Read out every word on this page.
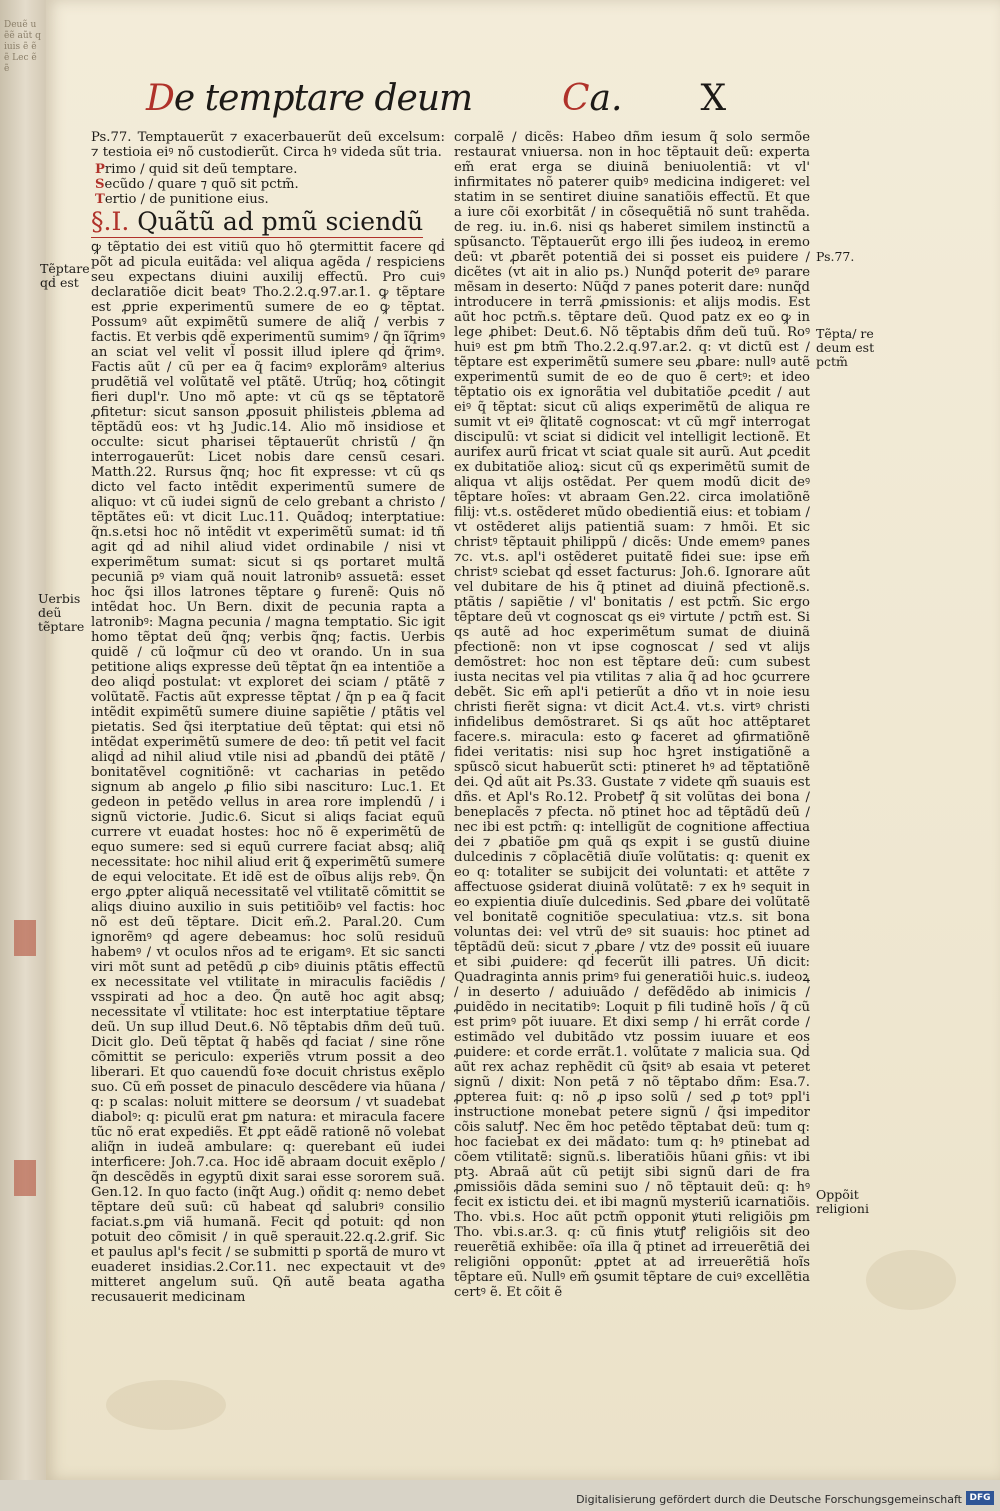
Deuẽ u ẽẽ aũt q iuis ẽ ẽ ẽ Lec ẽ ẽ
De temptare deum Ca. X

Ps.77. Temptauerũt ⁊ exacerbauerũt deũ excelsum: ⁊ testioia eiꝰ nõ custodierũt. Circa hꝰ videda sũt tria.

Primo / quid sit deũ temptare.
Secũdo / quare ⁊ quõ sit pctm̃.
Tertio / de punitione eius.
§.I. Quãtũ ad pmũ sciendũ

ꝙ tẽptatio dei est vitiũ quo hõ ꝯtermittit facere qḋ põt ad picula euitãda: vel aliqua agẽda / respiciens seu expectans diuini auxilij effectũ. Pro cuiꝰ declaratiõe dicit beatꝰ Tho.2.2.q.97.ar.1. ꝙ tẽptare est ꝓprie experimentũ sumere de eo ꝙ tẽptat. Possumꝰ aũt expimẽtũ sumere de aliq̃ / verbis ⁊ factis. Et verbis qḋẽ experimentũ sumimꝰ / q̃n ĩq̃rimꝰ an sciat vel velit vl̃ possit illud iplere qḋ q̃rimꝰ. Factis aũt / cũ per ea q̃ facimꝰ explorãmꝰ alterius prudẽtiã vel volũtatẽ vel ptãtẽ. Utrũq; hoꝝ cõtingit fieri dupl'r. Uno mõ apte: vt cũ qs se tẽptatorẽ ꝓfitetur: sicut sanson ꝓposuit philisteis ꝓblema ad tẽptãdũ eos: vt hꝫ Judic.14. Alio mõ insidiose et occulte: sicut pharisei tẽptauerũt christũ / q̃n interrogauerũt: Licet nobis dare censũ cesari. Matth.22. Rursus q̃nq; hoc fit expresse: vt cũ qs dicto vel facto intẽdit experimentũ sumere de aliquo: vt cũ iudei signũ de celo grebant a christo / tẽptãtes eũ: vt dicit Luc.11. Quãdoq; interptatiue: q̃n.s.etsi hoc nõ intẽdit vt experimẽtũ sumat: id tñ agit qḋ ad nihil aliud videt ordinabile / nisi vt experimẽtum sumat: sicut si qs portaret multã pecuniã pꝰ viam quã nouit latronibꝰ assuetã: esset hoc q̃si illos latrones tẽptare ꝯ furenẽ: Quis nõ intẽdat hoc. Un Bern. dixit de pecunia rapta a latronibꝰ: Magna pecunia / magna temptatio. Sic igit homo tẽptat deũ q̃nq; verbis q̃nq; factis. Uerbis quidẽ / cũ loq̃mur cũ deo vt orando. Un in sua petitione aliqs expresse deũ tẽptat q̃n ea intentiõe a deo aliqḋ postulat: vt exploret dei sciam / ptãtẽ ⁊ volũtatẽ. Factis aũt expresse tẽptat / q̃n p ea q̃ facit intẽdit expimẽtũ sumere diuine sapiẽtie / ptãtis vel pietatis. Sed q̃si iterptatiue deũ tẽptat: qui etsi nõ intẽdat experimẽtũ sumere de deo: tñ petit vel facit aliqḋ ad nihil aliud vtile nisi ad ꝓbandũ dei ptãtẽ / bonitatẽvel cognitiõnẽ: vt cacharias in petẽdo signum ab angelo ꝓ filio sibi nascituro: Luc.1. Et gedeon in petẽdo vellus in area rore implendũ / i signũ victorie. Judic.6. Sicut si aliqs faciat equũ currere vt euadat hostes: hoc nõ ẽ experimẽtũ de equo sumere: sed si equũ currere faciat absq; aliq̃ necessitate: hoc nihil aliud erit ꝗ̃ experimẽtũ sumere de equi velocitate. Et idẽ est de oĩbus alijs rebꝰ. Q̃n ergo ꝓpter aliquã necessitatẽ vel vtilitatẽ cõmittit se aliqs diuino auxilio in suis petitiõibꝰ vel factis: hoc nõ est deũ tẽptare. Dicit em̃.2. Paral.20. Cum ignorẽmꝰ qḋ agere debeamus: hoc solũ residuũ habemꝰ / vt oculos nr̃os ad te erigamꝰ. Et sic sancti viri mõt sunt ad petẽdũ ꝓ cibꝰ diuinis ptãtis effectũ ex necessitate vel vtilitate in miraculis faciẽdis / vsspirati ad hoc a deo. Q̃n autẽ hoc agit absq; necessitate vl̃ vtilitate: hoc est interptatiue tẽptare deũ. Un sup illud Deut.6. Nõ tẽptabis dñm deũ tuũ. Dicit glo. Deũ tẽptat q̃ habẽs qḋ faciat / sine rõne cõmittit se periculo: experiẽs vtrum possit a deo liberari. Et quo cauendũ foꝛe docuit christus exẽplo suo. Cũ em̃ posset de pinaculo descẽdere via hũana / q: p scalas: noluit mittere se deorsum / vt suadebat diabolꝰ: q: piculũ erat ꝑm natura: et miracula facere tũc nõ erat expediẽs. Et ꝓpt eãdẽ rationẽ nõ volebat aliq̃n in iudeã ambulare: q: querebant eũ iudei interficere: Joh.7.ca. Hoc idẽ abraam docuit exẽplo / q̃n descẽdẽs in egyptũ dixit sarai esse sororem suã. Gen.12. In quo facto (inq̃t Aug.) oñdit q: nemo debet tẽptare deũ suũ: cũ habeat qḋ salubriꝰ consilio faciat.s.ꝑm viã humanã. Fecit qḋ potuit: qḋ non potuit deo cõmisit / in quẽ sperauit.22.q.2.grif. Sic et paulus apl's fecit / se submitti p sportã de muro vt euaderet insidias.2.Cor.11. nec expectauit vt deꝰ mitteret angelum suũ. Qñ autẽ beata agatha recusauerit medicinam

corpalẽ / dicẽs: Habeo dñm iesum q̃ solo sermõe restaurat vniuersa. non in hoc tẽptauit deũ: experta em̃ erat erga se diuinã beniuolentiã: vt vl' infirmitates nõ paterer quibꝰ medicina indigeret: vel statim in se sentiret diuine sanatiõis effectũ. Et que a iure cõi exorbitãt / in cõsequẽtiã nõ sunt trahẽda. de reg. iu. in.6. nisi qs haberet similem instinctũ a spũsancto. Tẽptauerũt ergo illi p̃es iudeoꝝ in eremo deũ: vt ꝓbarẽt potentiã dei si posset eis puidere / dicẽtes (vt ait in alio ps.) Nunq̃d poterit deꝰ parare mẽsam in deserto: Nũq̃d ⁊ panes poterit dare: nunq̃d introducere in terrã ꝓmissionis: et alijs modis. Est aũt hoc pctm̃.s. tẽptare deũ. Quod patz ex eo ꝙ in lege ꝓhibet: Deut.6. Nõ tẽptabis dñm deũ tuũ. Roꝰ huiꝰ est ꝑm btm̃ Tho.2.2.q.97.ar.2. q: vt dictũ est / tẽptare est experimẽtũ sumere seu ꝓbare: nullꝰ autẽ experimentũ sumit de eo de quo ẽ certꝰ: et ideo tẽptatio ois ex ignorãtia vel dubitatiõe ꝓcedit / aut eiꝰ q̃ tẽptat: sicut cũ aliqs experimẽtũ de aliqua re sumit vt eiꝰ q̃litatẽ cognoscat: vt cũ mgr̃ interrogat discipulũ: vt sciat si didicit vel intelligit lectionẽ. Et aurifex aurũ fricat vt sciat quale sit aurũ. Aut ꝓcedit ex dubitatiõe alioꝝ: sicut cũ qs experimẽtũ sumit de aliqua vt alijs ostẽdat. Per quem modũ dicit deꝰ tẽptare hoĩes: vt abraam Gen.22. circa imolatiõnẽ filij: vt.s. ostẽderet mũdo obedientiã eius: et tobiam / vt ostẽderet alijs patientiã suam: ⁊ hmõi. Et sic christꝰ tẽptauit philippũ / dicẽs: Unde ememꝰ panes ⁊c. vt.s. apl'i ostẽderet puitatẽ fidei sue: ipse em̃ christꝰ sciebat qḋ esset facturus: Joh.6. Ignorare aũt vel dubitare de his q̃ ptinet ad diuinã pfectionẽ.s. ptãtis / sapiẽtie / vl' bonitatis / est pctm̃. Sic ergo tẽptare deũ vt cognoscat qs eiꝰ virtute / pctm̃ est. Si qs autẽ ad hoc experimẽtum sumat de diuinã pfectionẽ: non vt ipse cognoscat / sed vt alijs demõstret: hoc non est tẽptare deũ: cum subest iusta necitas vel pia vtilitas ⁊ alia q̃ ad hoc ꝯcurrere debẽt. Sic em̃ apl'i petierũt a dño vt in noie iesu christi fierẽt signa: vt dicit Act.4. vt.s. virtꝰ christi infidelibus demõstraret. Si qs aũt hoc attẽptaret facere.s. miracula: esto ꝙ faceret ad ꝯfirmatiõnẽ fidei veritatis: nisi sup hoc hꝫret instigatiõnẽ a spũscõ sicut habuerũt scti: ptineret hꝰ ad tẽptatiõnẽ dei. Qḋ aũt ait Ps.33. Gustate ⁊ videte qm̃ suauis est dñs. et Apl's Ro.12. Probetꝭ q̃ sit volũtas dei bona / beneplacẽs ⁊ pfecta. nõ ptinet hoc ad tẽptãdũ deũ / nec ibi est pctm̃: q: intelligũt de cognitione affectiua dei ⁊ ꝓbatiõe ꝑm quã qs expit i se gustũ diuine dulcedinis ⁊ cõplacẽtiã diuĩe volũtatis: q: quenit ex eo q: totaliter se subijcit dei voluntati: et attẽte ⁊ affectuose ꝯsiderat diuinã volũtatẽ: ⁊ ex hꝰ sequit in eo expientia diuĩe dulcedinis. Sed ꝓbare dei volũtatẽ vel bonitatẽ cognitiõe speculatiua: vtz.s. sit bona voluntas dei: vel vtrũ deꝰ sit suauis: hoc ptinet ad tẽptãdũ deũ: sicut ⁊ ꝓbare / vtz deꝰ possit eũ iuuare et sibi ꝓuidere: qḋ fecerũt illi patres. Un̄ dicit: Quadraginta annis primꝰ fui generatiõi huic.s. iudeoꝝ / in deserto / aduiuãdo / defẽdẽdo ab inimicis / ꝓuidẽdo in necitatibꝰ: Loquit p fili tudinẽ hoĩs / q̃ cũ est primꝰ põt iuuare. Et dixi semp / hi errãt corde / estimãdo vel dubitãdo vtz possim iuuare et eos ꝓuidere: et corde errãt.1. volũtate ⁊ malicia sua. Qḋ aũt rex achaz rephẽdit cũ q̃sitꝰ ab esaia vt peteret signũ / dixit: Non petã ⁊ nõ tẽptabo dñm: Esa.7. ꝓpterea fuit: q: nõ ꝓ ipso solũ / sed ꝓ totꝰ ppl'i instructione monebat petere signũ / q̃si impeditor cõis salutꝭ. Nec ẽm hoc petẽdo tẽptabat deũ: tum q: hoc faciebat ex dei mãdato: tum q: hꝰ ptinebat ad cõem vtilitatẽ: signũ.s. liberatiõis hũani gñis: vt ibi ptꝫ. Abraã aũt cũ petijt sibi signũ dari de fra ꝓmissiõis dãda semini suo / nõ tẽptauit deũ: q: hꝰ fecit ex istictu dei. et ibi magnũ mysteriũ icarnatiõis. Tho. vbi.s. Hoc aũt pctm̃ opponit ꝟtuti religiõis ꝑm Tho. vbi.s.ar.3. q: cũ finis ꝟtutꝭ religiõis sit deo reuerẽtiã exhibẽe: oĩa illa q̃ ptinet ad irreuerẽtiã dei religiõni opponũt: ꝓptet at ad irreuerẽtiã hoĩs tẽptare eũ. Nullꝰ em̃ ꝯsumit tẽptare de cuiꝰ excellẽtia certꝰ ẽ. Et cõit ẽ

Tẽptare qḋ est
Uerbis deũ tẽptare
Ps.77.
Tẽpta/ re deum est pctm̃
Oppõit religioni
Digitalisierung gefördert durch die Deutsche Forschungsgemeinschaft DFG
